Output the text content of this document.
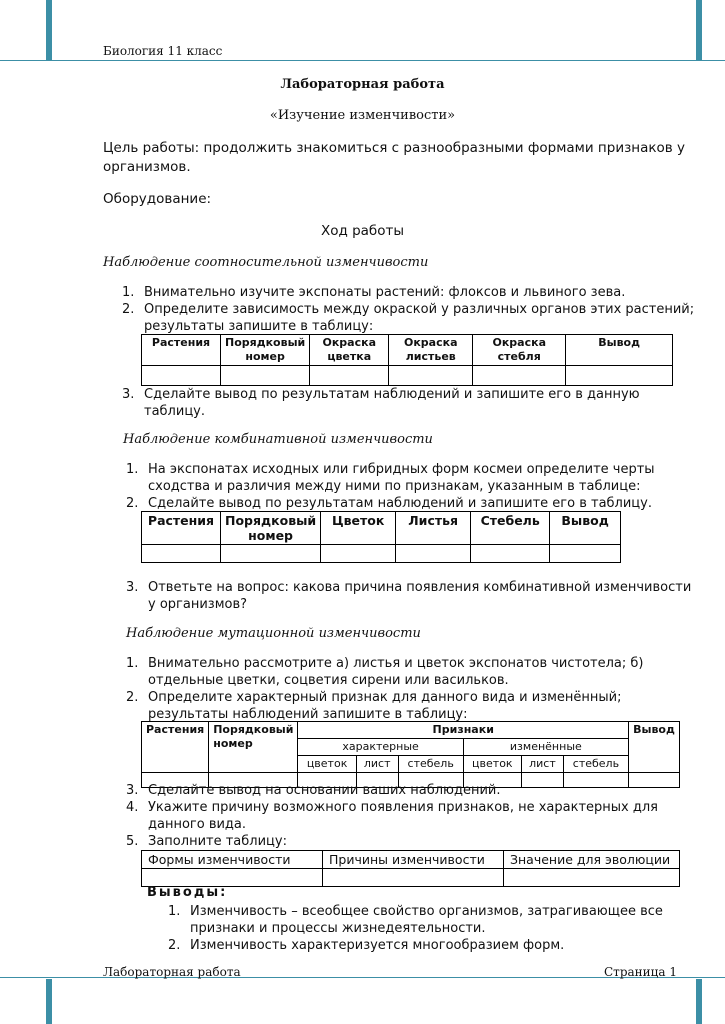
Биология 11 класс
Лабораторная работа
«Изучение изменчивости»
Цель работы: продолжить знакомиться с разнообразными формами признаков у
организмов.
Оборудование:
Ход работы
Наблюдение соотносительной изменчивости
1. Внимательно изучите экспонаты растений: флоксов и львиного зева.
2. Определите зависимость между окраской у различных органов этих растений;
результаты запишите в таблицу:
Растения	Порядковый номер	Окраска цветка	Окраска листьев	Окраска стебля	Вывод

3. Сделайте вывод по результатам наблюдений и запишите его в данную
таблицу.
Наблюдение комбинативной изменчивости
1. На экспонатах исходных или гибридных форм космеи определите черты
сходства и различия между ними по признакам, указанным в таблице:
2. Сделайте вывод по результатам наблюдений и запишите его в таблицу.
Растения	Порядковый номер	Цветок	Листья	Стебель	Вывод

3. Ответьте на вопрос: какова причина появления комбинативной изменчивости
у организмов?
Наблюдение мутационной изменчивости
1. Внимательно рассмотрите а) листья и цветок экспонатов чистотела; б)
отдельные цветки, соцветия сирени или васильков.
2. Определите характерный признак для данного вида и изменённый;
результаты наблюдений запишите в таблицу:
Растения	Порядковый номер	Признаки						Вывод
		характерные			изменённые			
		цветок	лист	стебель	цветок	лист	стебель	

3. Сделайте вывод на основании ваших наблюдений.
4. Укажите причину возможного появления признаков, не характерных для
данного вида.
5. Заполните таблицу:
Формы изменчивости	Причины изменчивости	Значение для эволюции

Выводы:
1. Изменчивость – всеобщее свойство организмов, затрагивающее все
признаки и процессы жизнедеятельности.
2. Изменчивость характеризуется многообразием форм.
Лабораторная работа	Страница 1
